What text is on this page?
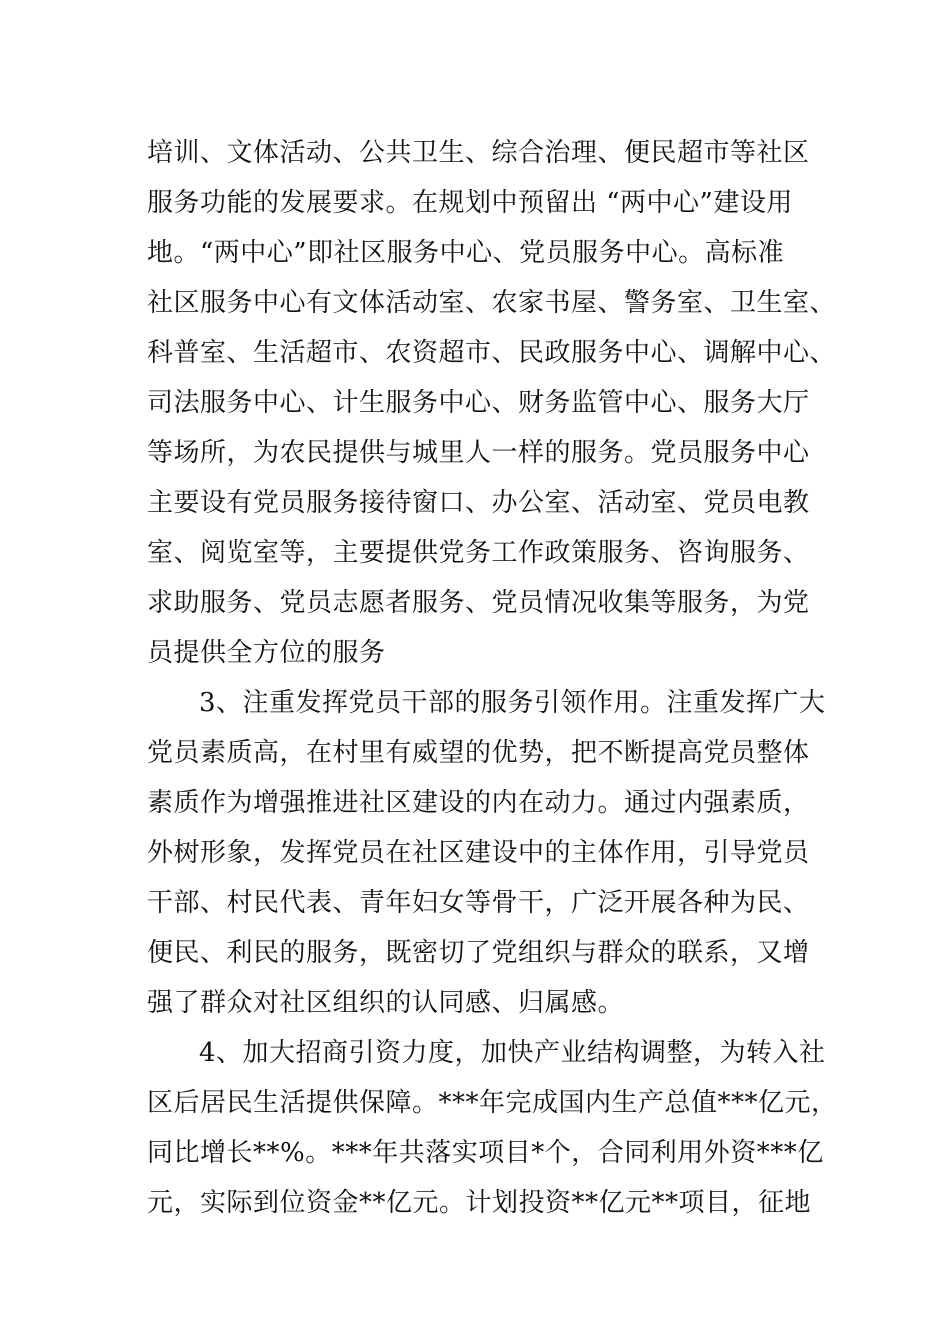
培训、文体活动、公共卫生、综合治理、便民超市等社区
服务功能的发展要求。在规划中预留出 “两中心”建设用
地。“两中心”即社区服务中心、党员服务中心。高标准
社区服务中心有文体活动室、农家书屋、警务室、卫生室、
科普室、生活超市、农资超市、民政服务中心、调解中心、
司法服务中心、计生服务中心、财务监管中心、服务大厅
等场所，为农民提供与城里人一样的服务。党员服务中心
主要设有党员服务接待窗口、办公室、活动室、党员电教
室、阅览室等，主要提供党务工作政策服务、咨询服务、
求助服务、党员志愿者服务、党员情况收集等服务，为党
员提供全方位的服务
3、注重发挥党员干部的服务引领作用。注重发挥广大
党员素质高，在村里有威望的优势，把不断提高党员整体
素质作为增强推进社区建设的内在动力。通过内强素质，
外树形象，发挥党员在社区建设中的主体作用，引导党员
干部、村民代表、青年妇女等骨干，广泛开展各种为民、
便民、利民的服务，既密切了党组织与群众的联系，又增
强了群众对社区组织的认同感、归属感。
4、加大招商引资力度，加快产业结构调整，为转入社
区后居民生活提供保障。***年完成国内生产总值***亿元，
同比增长**%。***年共落实项目*个，合同利用外资***亿
元，实际到位资金**亿元。计划投资**亿元**项目，征地
